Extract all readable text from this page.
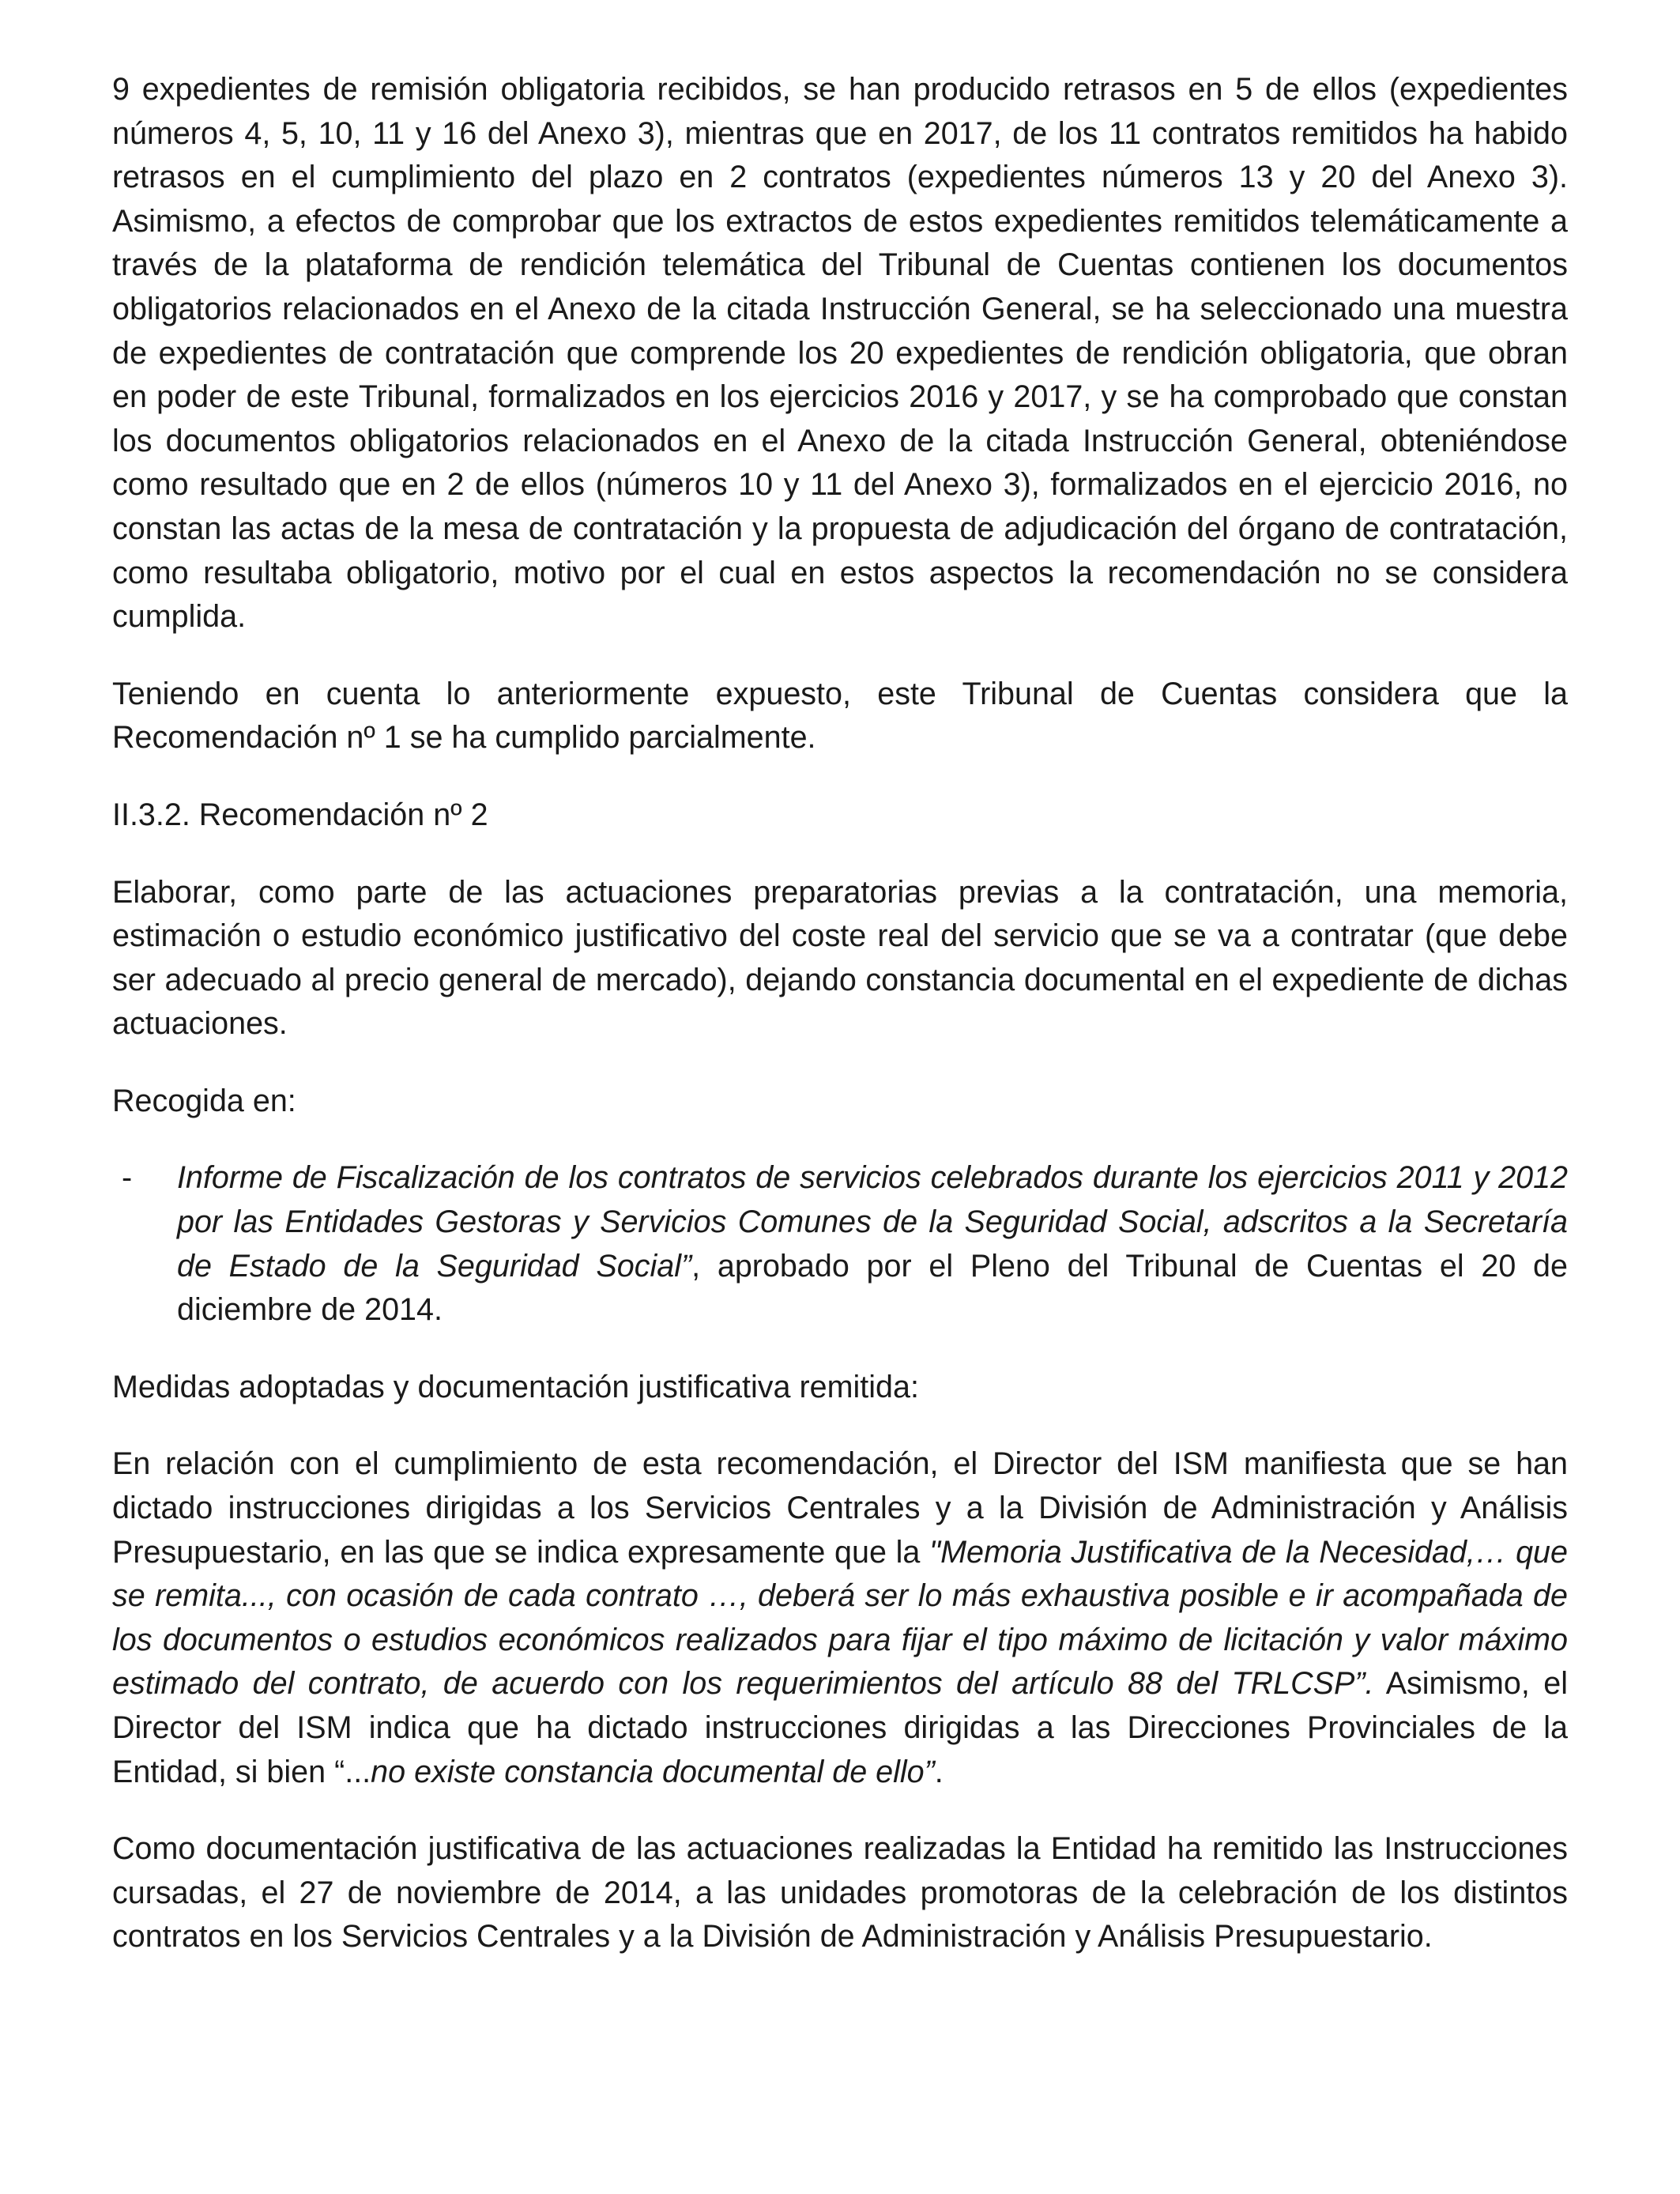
9 expedientes de remisión obligatoria recibidos, se han producido retrasos en 5 de ellos (expedientes números 4, 5, 10, 11 y 16 del Anexo 3), mientras que en 2017, de los 11 contratos remitidos ha habido retrasos en el cumplimiento del plazo en 2 contratos (expedientes números 13 y 20 del Anexo 3). Asimismo, a efectos de comprobar que los extractos de estos expedientes remitidos telemáticamente a través de la plataforma de rendición telemática del Tribunal de Cuentas contienen los documentos obligatorios relacionados en el Anexo de la citada Instrucción General, se ha seleccionado una muestra de expedientes de contratación que comprende los 20 expedientes de rendición obligatoria, que obran en poder de este Tribunal, formalizados en los ejercicios 2016 y 2017, y se ha comprobado que constan los documentos obligatorios relacionados en el Anexo de la citada Instrucción General, obteniéndose como resultado que en 2 de ellos (números 10 y 11 del Anexo 3), formalizados en el ejercicio 2016, no constan las actas de la mesa de contratación y la propuesta de adjudicación del órgano de contratación, como resultaba obligatorio, motivo por el cual en estos aspectos la recomendación no se considera cumplida.

Teniendo en cuenta lo anteriormente expuesto, este Tribunal de Cuentas considera que la Recomendación nº 1 se ha cumplido parcialmente.

II.3.2. Recomendación nº 2

Elaborar, como parte de las actuaciones preparatorias previas a la contratación, una memoria, estimación o estudio económico justificativo del coste real del servicio que se va a contratar (que debe ser adecuado al precio general de mercado), dejando constancia documental en el expediente de dichas actuaciones.

Recogida en:

-	Informe de Fiscalización de los contratos de servicios celebrados durante los ejercicios 2011 y 2012 por las Entidades Gestoras y Servicios Comunes de la Seguridad Social, adscritos a la Secretaría de Estado de la Seguridad Social”, aprobado por el Pleno del Tribunal de Cuentas el 20 de diciembre de 2014.

Medidas adoptadas y documentación justificativa remitida:

En relación con el cumplimiento de esta recomendación, el Director del ISM manifiesta que se han dictado instrucciones dirigidas a los Servicios Centrales y a la División de Administración y Análisis Presupuestario, en las que se indica expresamente que la "Memoria Justificativa de la Necesidad,… que se remita..., con ocasión de cada contrato …, deberá ser lo más exhaustiva posible e ir acompañada de los documentos o estudios económicos realizados para fijar el tipo máximo de licitación y valor máximo estimado del contrato, de acuerdo con los requerimientos del artículo 88 del TRLCSP”. Asimismo, el Director del ISM indica que ha dictado instrucciones dirigidas a las Direcciones Provinciales de la Entidad, si bien “...no existe constancia documental de ello”.

Como documentación justificativa de las actuaciones realizadas la Entidad ha remitido las Instrucciones cursadas, el 27 de noviembre de 2014, a las unidades promotoras de la celebración de los distintos contratos en los Servicios Centrales y a la División de Administración y Análisis Presupuestario.
